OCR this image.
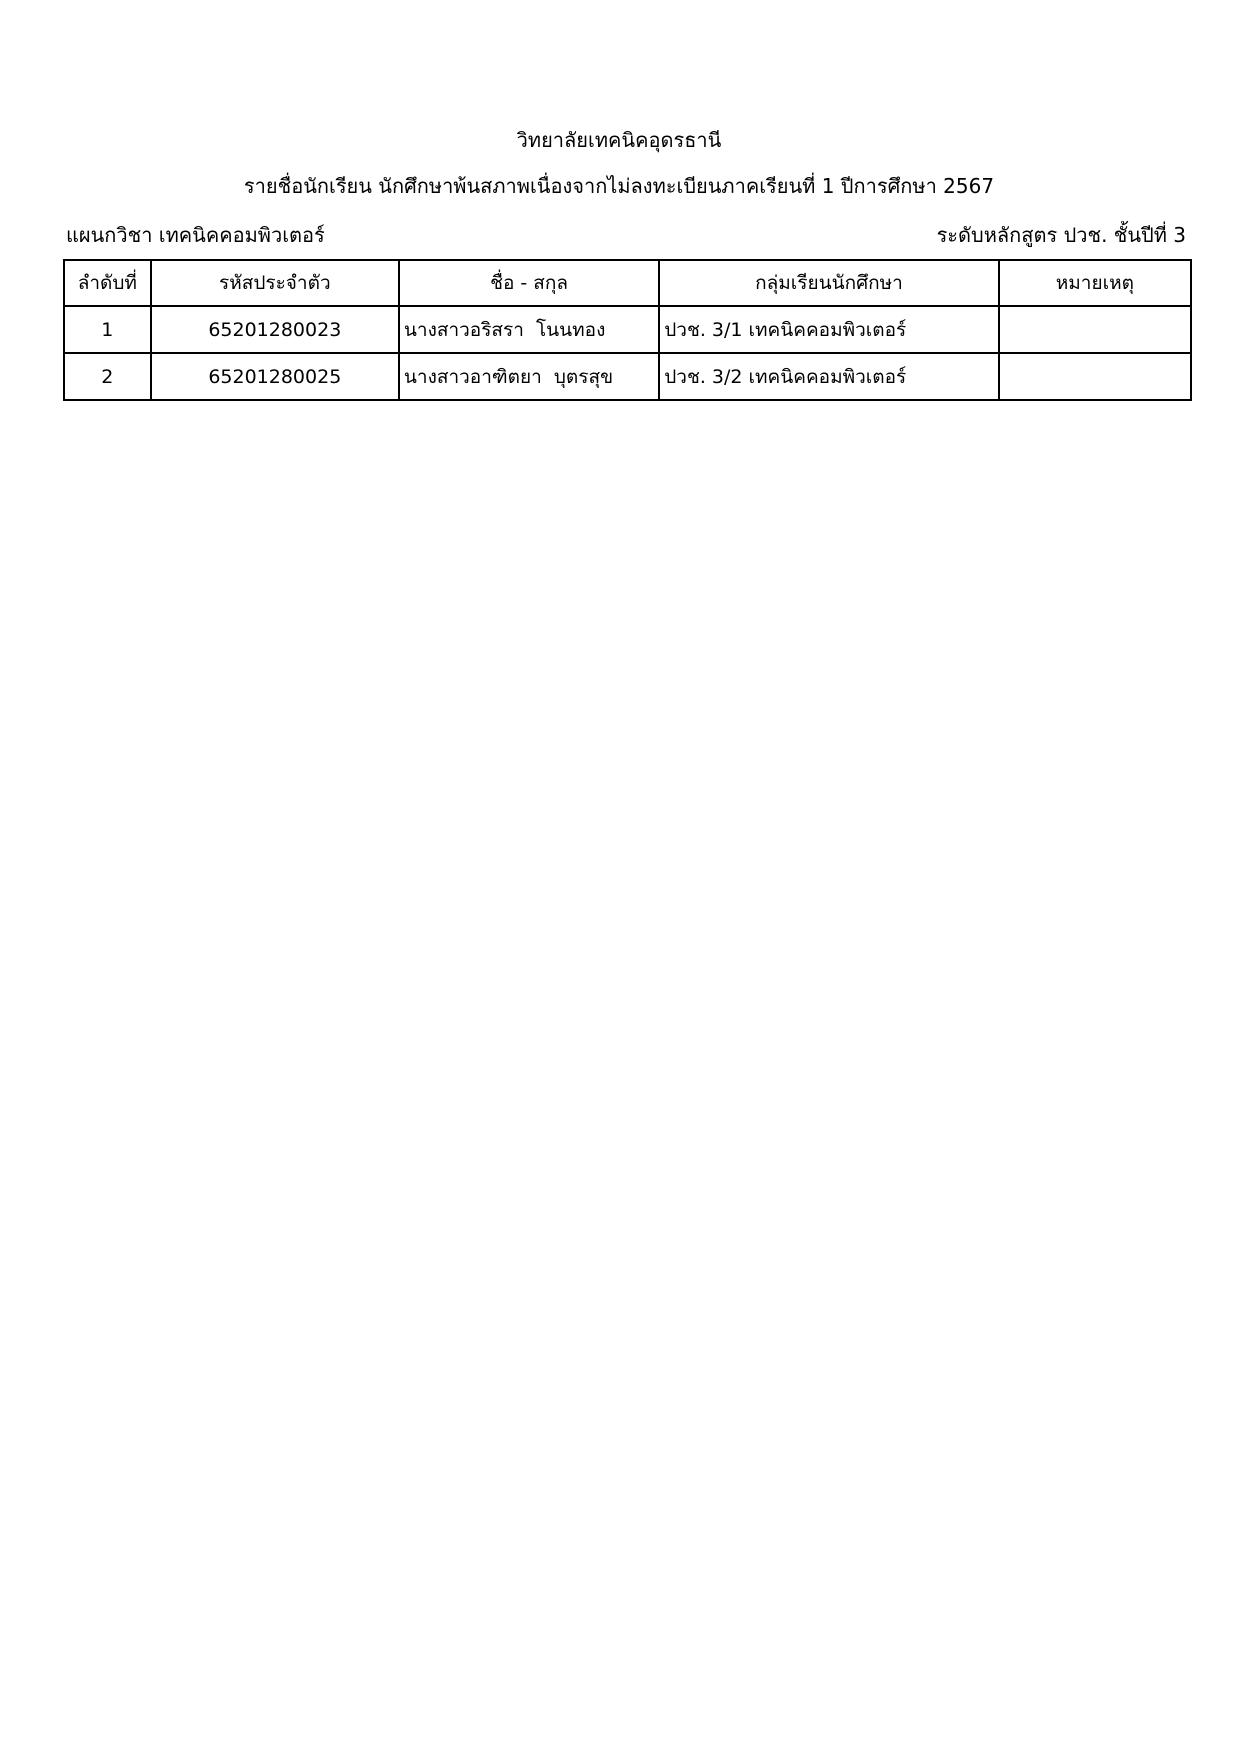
วิทยาลัยเทคนิคอุดรธานี
รายชื่อนักเรียน นักศึกษาพ้นสภาพเนื่องจากไม่ลงทะเบียนภาคเรียนที่ 1 ปีการศึกษา 2567
แผนกวิชา เทคนิคคอมพิวเตอร์	ระดับหลักสูตร ปวช. ชั้นปีที่ 3
ลำดับที่	รหัสประจำตัว	ชื่อ - สกุล	กลุ่มเรียนนักศึกษา	หมายเหตุ
1	65201280023	นางสาวอริสรา  โนนทอง	ปวช. 3/1 เทคนิคคอมพิวเตอร์	
2	65201280025	นางสาวอาฑิตยา  บุตรสุข	ปวช. 3/2 เทคนิคคอมพิวเตอร์	
